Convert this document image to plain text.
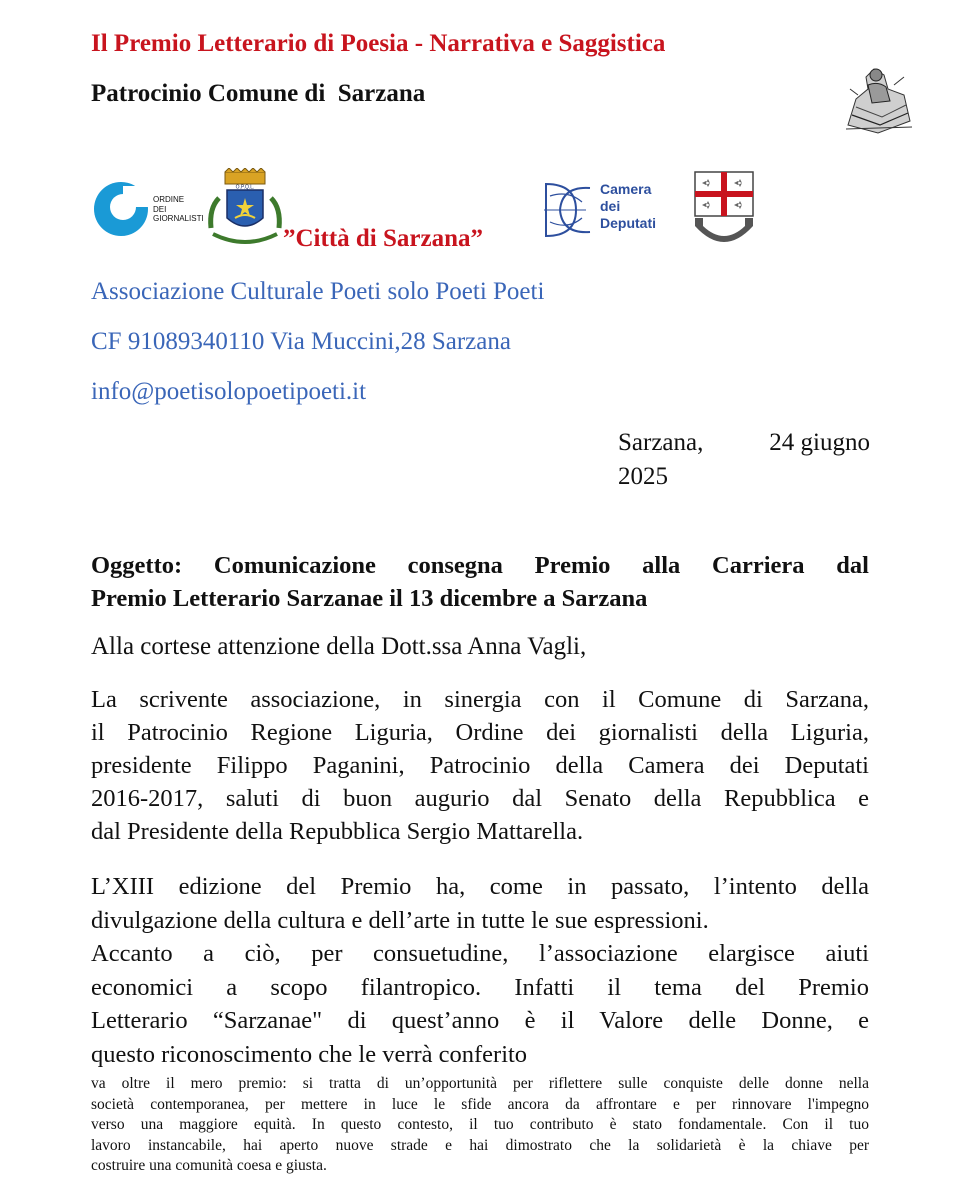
Il Premio Letterario di Poesia - Narrativa e Saggistica
Patrocinio Comune di  Sarzana
ORDINE
DEI
GIORNALISTI
O.P.Q.L.
”Città di Sarzana”
Camera
dei
Deputati
Associazione Culturale Poeti solo Poeti Poeti
CF 91089340110 Via Muccini,28 Sarzana
info@poetisolopoetipoeti.it
Sarzana,	24 giugno
2025
Oggetto: Comunicazione consegna Premio alla Carriera dal
Premio Letterario Sarzanae il 13 dicembre a Sarzana
Alla cortese attenzione della Dott.ssa Anna Vagli,
La scrivente associazione, in sinergia con il Comune di Sarzana,
il Patrocinio Regione Liguria, Ordine dei giornalisti della Liguria,
presidente Filippo Paganini, Patrocinio della Camera dei Deputati
2016-2017, saluti di buon augurio dal Senato della Repubblica e
dal Presidente della Repubblica Sergio Mattarella.
L’XIII edizione del Premio ha, come in passato, l’intento della
divulgazione della cultura e dell’arte in tutte le sue espressioni.
Accanto a ciò, per consuetudine, l’associazione elargisce aiuti
economici a scopo filantropico. Infatti il tema del Premio
Letterario “Sarzanae" di quest’anno è il Valore delle Donne, e
questo riconoscimento che le verrà conferito
va oltre il mero premio: si tratta di un’opportunità per riflettere sulle conquiste delle donne nella
società contemporanea, per mettere in luce le sfide ancora da affrontare e per rinnovare l'impegno
verso una maggiore equità. In questo contesto, il tuo contributo è stato fondamentale. Con il tuo
lavoro instancabile, hai aperto nuove strade e hai dimostrato che la solidarietà è la chiave per
costruire una comunità coesa e giusta.
